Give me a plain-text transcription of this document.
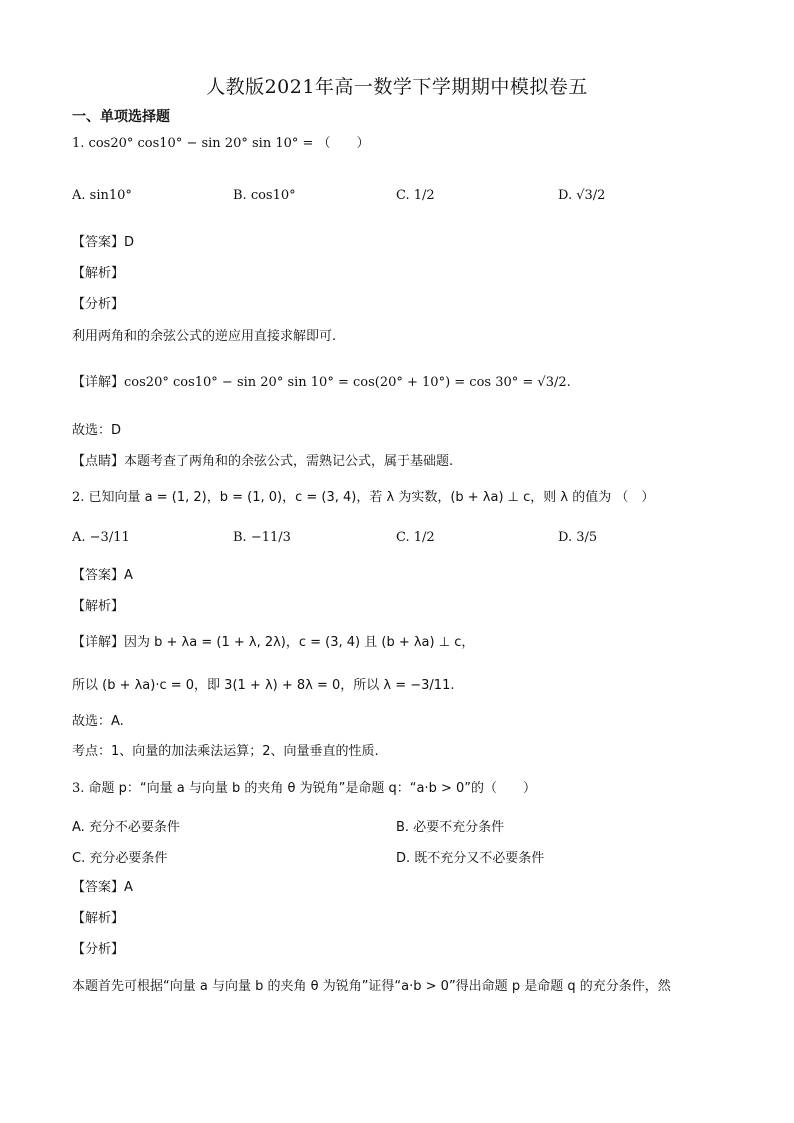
人教版2021年高一数学下学期期中模拟卷五
一、单项选择题
1. cos20° cos10° − sin 20° sin 10° = （　　）
A. sin10°	B. cos10°	C. 1/2	D. √3/2
【答案】D
【解析】
【分析】
利用两角和的余弦公式的逆应用直接求解即可.
【详解】cos20° cos10° − sin 20° sin 10° = cos(20° + 10°) = cos 30° = √3/2.
故选：D
【点睛】本题考查了两角和的余弦公式，需熟记公式，属于基础题.
2. 已知向量 a = (1, 2)，b = (1, 0)，c = (3, 4)，若 λ 为实数，(b + λa) ⊥ c，则 λ 的值为 （　）
A. −3/11	B. −11/3	C. 1/2	D. 3/5
【答案】A
【解析】
【详解】因为 b + λa = (1 + λ, 2λ)，c = (3, 4) 且 (b + λa) ⊥ c，
所以 (b + λa)·c = 0，即 3(1 + λ) + 8λ = 0，所以 λ = −3/11.
故选：A.
考点：1、向量的加法乘法运算；2、向量垂直的性质.
3. 命题 p：“向量 a 与向量 b 的夹角 θ 为锐角”是命题 q：“a·b > 0”的（　　）
A. 充分不必要条件	B. 必要不充分条件
C. 充分必要条件	D. 既不充分又不必要条件
【答案】A
【解析】
【分析】
本题首先可根据“向量 a 与向量 b 的夹角 θ 为锐角”证得“a·b > 0”得出命题 p 是命题 q 的充分条件，然
